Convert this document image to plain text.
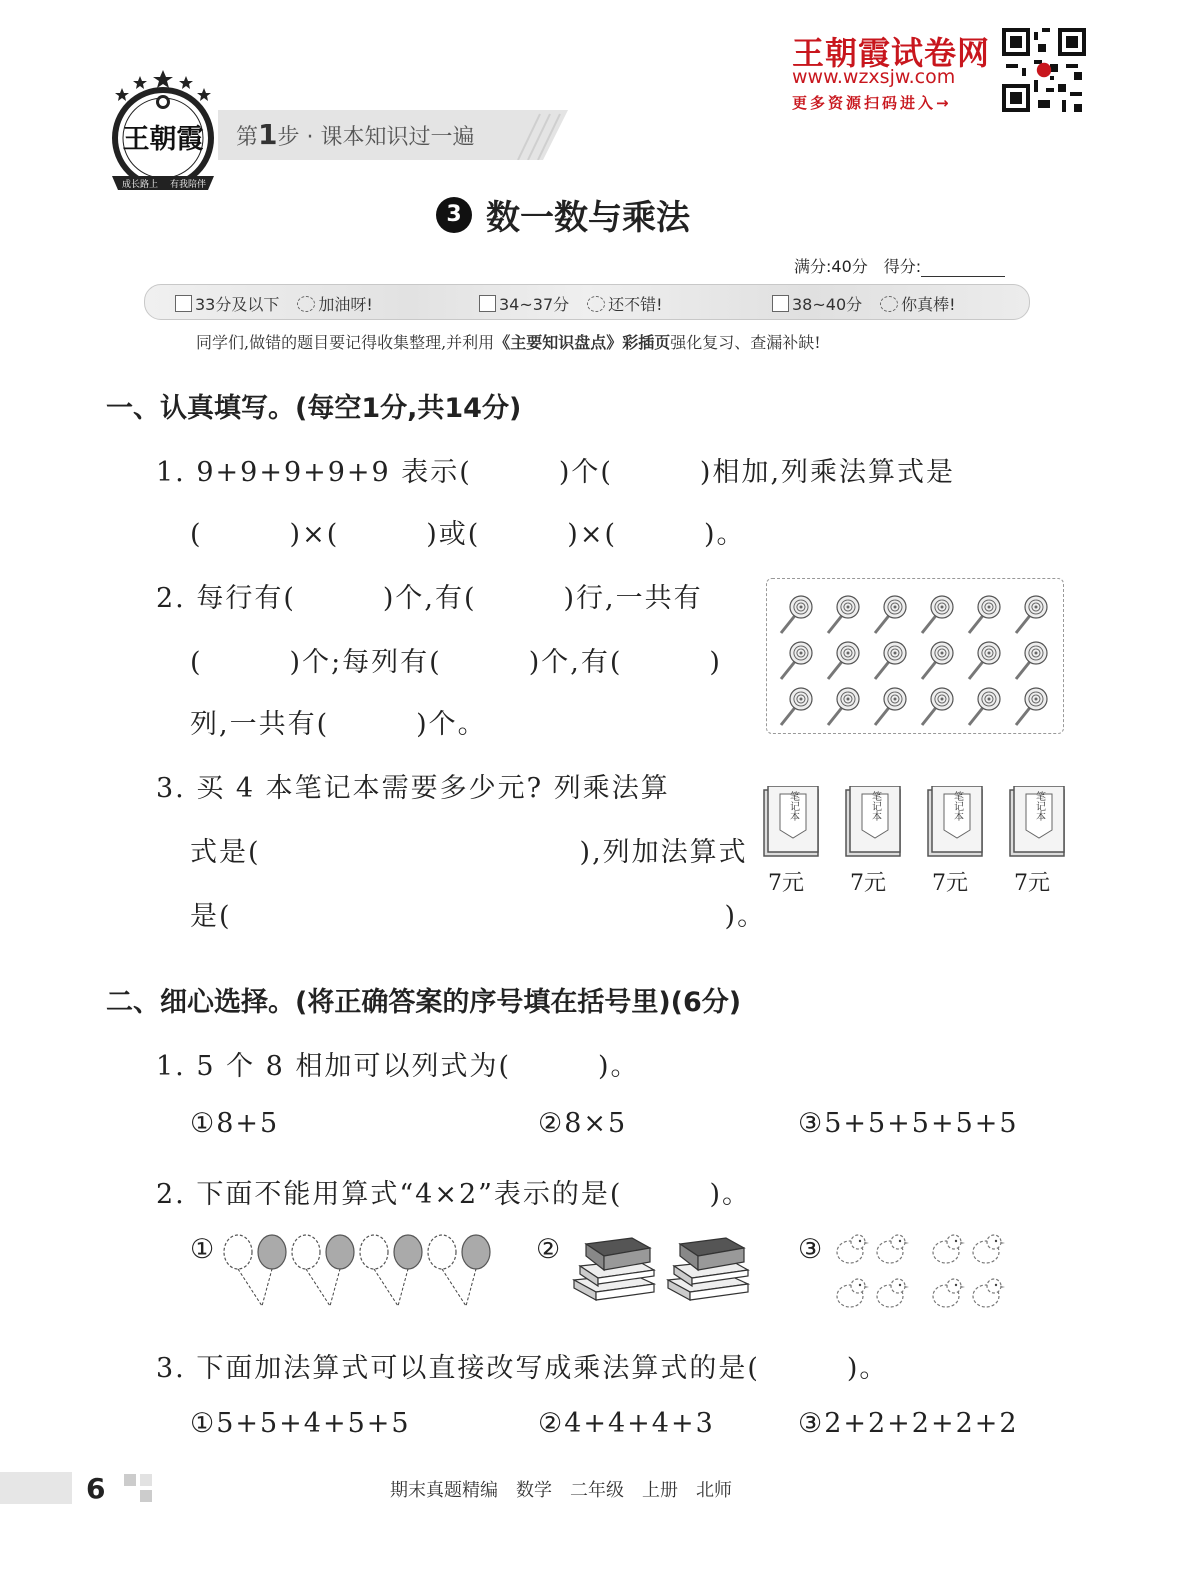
王朝霞试卷网
www.wzxsjw.com
更多资源扫码进入→
王朝霞
成长路上 有我陪伴
第1步 · 课本知识过一遍
3 数一数与乘法
满分:40分　 得分:
33分及以下 加油呀!	34~37分 还不错!	38~40分 你真棒!
同学们,做错的题目要记得收集整理,并利用《主要知识盘点》彩插页强化复习、查漏补缺!
一、认真填写。(每空1分,共14分)
1. 9+9+9+9+9 表示(　　　)个(　　　)相加,列乘法算式是
(　　　)×(　　　)或(　　　)×(　　　)。
2. 每行有(　　　)个,有(　　　)行,一共有
(　　　)个;每列有(　　　)个,有(　　　)
列,一共有(　　　)个。
3. 买 4 本笔记本需要多少元? 列乘法算
式是(　　　　　　　　　　　),列加法算式
是(　　　　　　　　　　　　　　　　　)。
笔记本	笔记本	笔记本	笔记本
7元 7元 7元 7元
二、细心选择。(将正确答案的序号填在括号里)(6分)
1. 5 个 8 相加可以列式为(　　　)。
①8+5	②8×5	③5+5+5+5+5
2. 下面不能用算式“4×2”表示的是(　　　)。
①	②	③
3. 下面加法算式可以直接改写成乘法算式的是(　　　)。
①5+5+4+5+5	②4+4+4+3	③2+2+2+2+2
6	期末真题精编　数学　二年级　上册　北师
